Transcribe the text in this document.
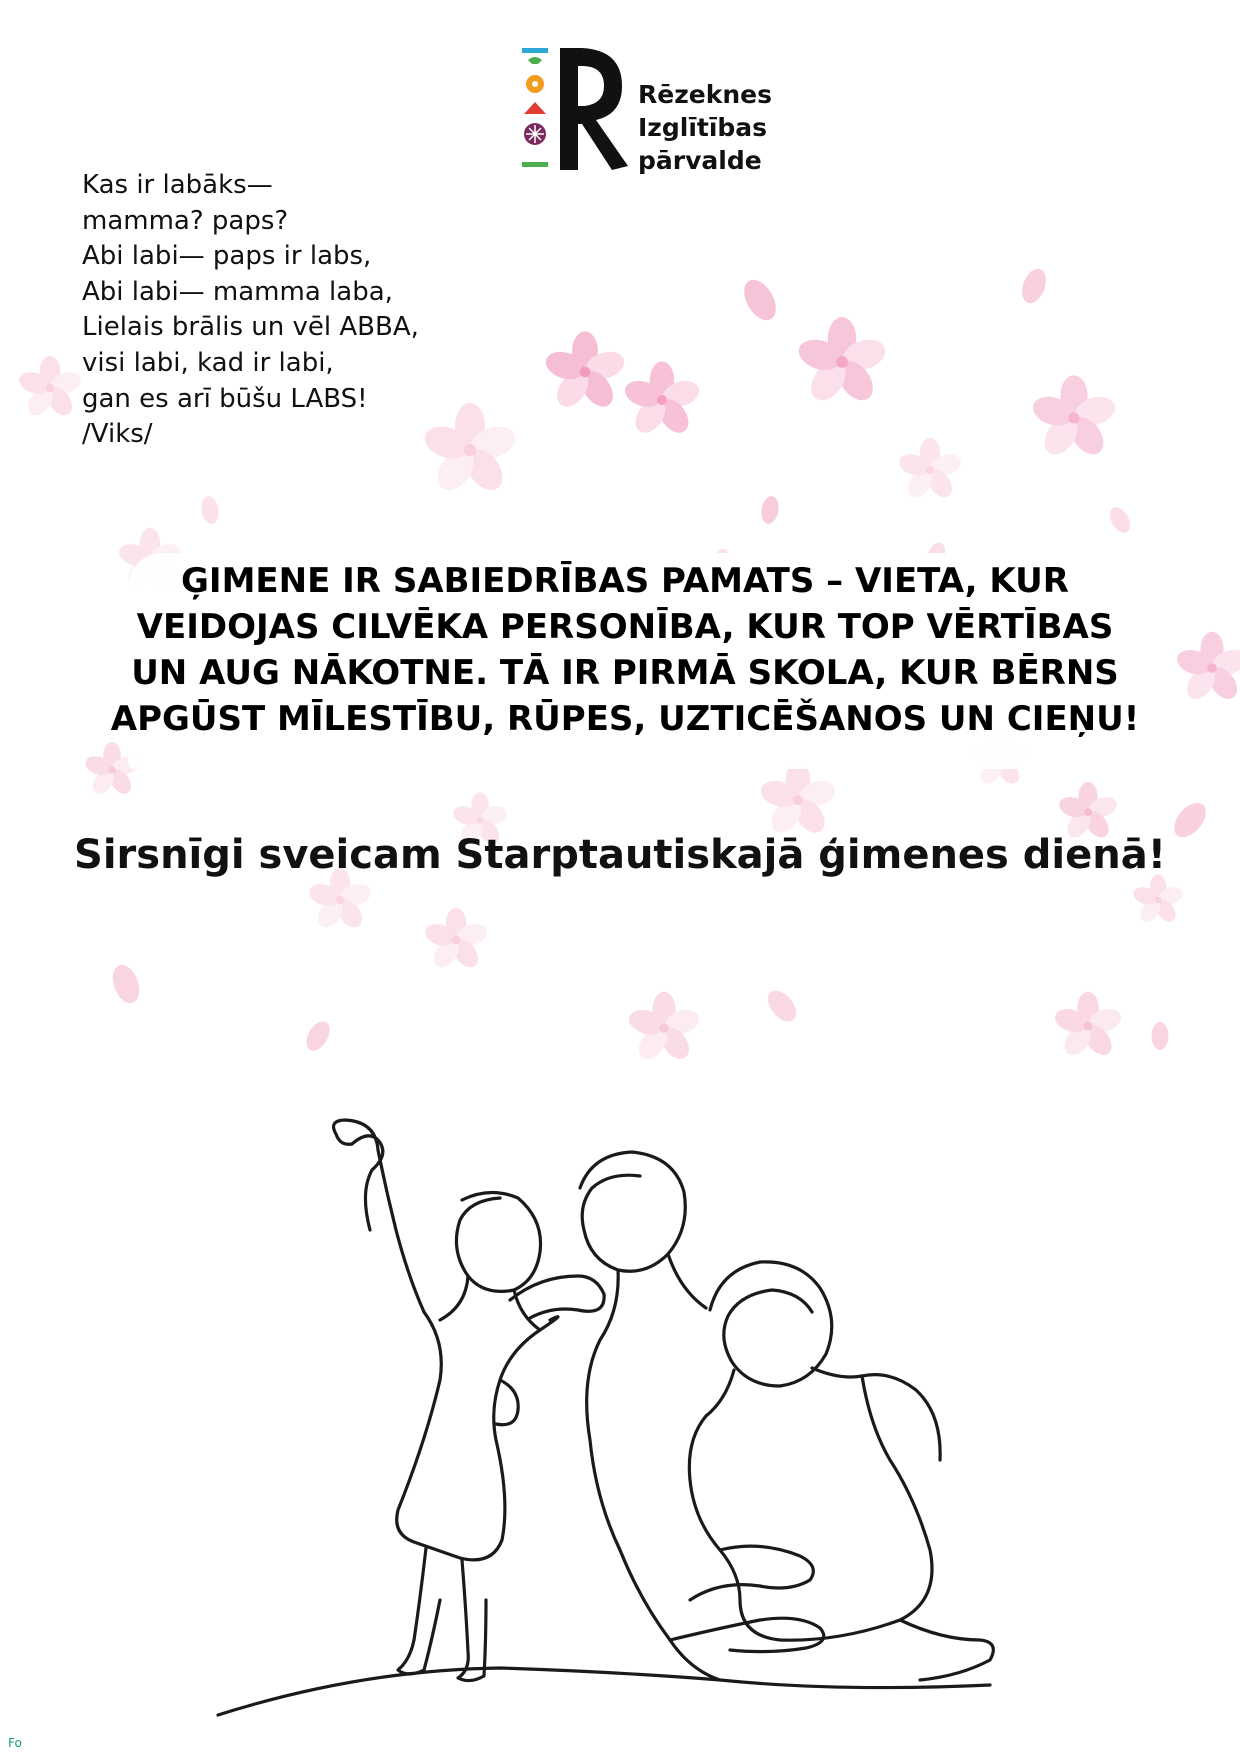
Rēzeknes
Izglītības
pārvalde
Kas ir labāks—
mamma? paps?
Abi labi— paps ir labs,
Abi labi— mamma laba,
Lielais brālis un vēl ABBA,
visi labi, kad ir labi,
gan es arī būšu LABS!
/Viks/
ĢIMENE IR SABIEDRĪBAS PAMATS – VIETA, KUR
VEIDOJAS CILVĒKA PERSONĪBA, KUR TOP VĒRTĪBAS
UN AUG NĀKOTNE. TĀ IR PIRMĀ SKOLA, KUR BĒRNS
APGŪST MĪLESTĪBU, RŪPES, UZTICĒŠANOS UN CIEŅU!
Sirsnīgi sveicam Starptautiskajā ģimenes dienā!
Fo
